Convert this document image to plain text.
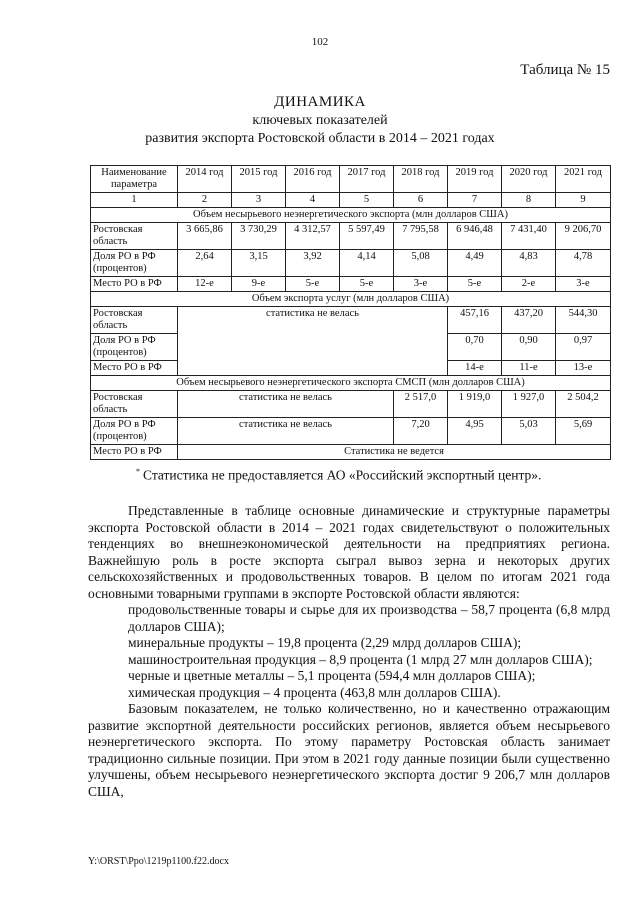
102
Таблица № 15
ДИНАМИКА
ключевых показателей
развития экспорта Ростовской области в 2014 – 2021 годах
Наименование параметра	2014 год	2015 год	2016 год	2017 год	2018 год	2019 год	2020 год	2021 год
1	2	3	4	5	6	7	8	9
Объем несырьевого неэнергетического экспорта (млн долларов США)								
Ростовская область	3 665,86	3 730,29	4 312,57	5 597,49	7 795,58	6 946,48	7 431,40	9 206,70
Доля РО в РФ (процентов)	2,64	3,15	3,92	4,14	5,08	4,49	4,83	4,78
Место РО в РФ	12-е	9-е	5-е	5-е	3-е	5-е	2-е	3-е
Объем экспорта услуг (млн долларов США)								
Ростовская область	статистика не велась					457,16	437,20	544,30
Доля РО в РФ (процентов)						0,70	0,90	0,97
Место РО в РФ						14-е	11-е	13-е
Объем несырьевого неэнергетического экспорта СМСП (млн долларов США)								
Ростовская область	статистика не велась				2 517,0	1 919,0	1 927,0	2 504,2
Доля РО в РФ (процентов)	статистика не велась				7,20	4,95	5,03	5,69
Место РО в РФ	Статистика не ведется							
* Статистика не предоставляется АО «Российский экспортный центр».
Представленные в таблице основные динамические и структурные параметры экспорта Ростовской области в 2014 – 2021 годах свидетельствуют о положительных тенденциях во внешнеэкономической деятельности на предприятиях региона. Важнейшую роль в росте экспорта сыграл вывоз зерна и некоторых других сельскохозяйственных и продовольственных товаров. В целом по итогам 2021 года основными товарными группами в экспорте Ростовской области являются:
продовольственные товары и сырье для их производства – 58,7 процента (6,8 млрд долларов США);
минеральные продукты – 19,8 процента (2,29 млрд долларов США);
машиностроительная продукция – 8,9 процента (1 млрд 27 млн долларов США);
черные и цветные металлы – 5,1 процента (594,4 млн долларов США);
химическая продукция – 4 процента (463,8 млн долларов США).
Базовым показателем, не только количественно, но и качественно отражающим развитие экспортной деятельности российских регионов, является объем несырьевого неэнергетического экспорта. По этому параметру Ростовская область занимает традиционно сильные позиции. При этом в 2021 году данные позиции были существенно улучшены, объем несырьевого неэнергетического экспорта достиг 9 206,7 млн долларов США,
Y:\ORST\Ppo\1219p1100.f22.docx
